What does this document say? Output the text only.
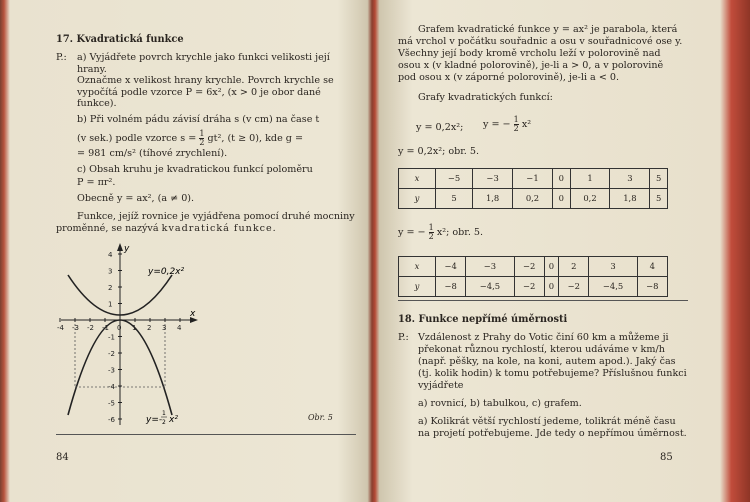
17. Kvadratická funkce
P.: a) Vyjádřete povrch krychle jako funkci velikosti její
hrany.
Označme x velikost hrany krychle. Povrch krychle se
vypočítá podle vzorce P = 6x², (x > 0 je obor dané
funkce).
b) Při volném pádu závisí dráha s (v cm) na čase t
(v sek.) podle vzorce $s = \frac{1}{2} gt^2$, (t ≥ 0), kde g =
= 981 cm/s² (tíhové zrychlení).
c) Obsah kruhu je kvadratickou funkcí poloměru
P = πr².
Obecně y = ax², (a ≠ 0).
Funkce, jejíž rovnice je vyjádřena pomocí druhé mocniny
proměnné, se nazývá kvadratická funkce.
-4 -3 -2 -1 0 1 2 3 4
4
3
2
1
-1
-2
-3
-4
-5
-6
y
x
y=0,2x²
y=-
1
2 x²	Obr. 5
84
Grafem kvadratické funkce y = ax² je parabola, která
má vrchol v počátku souřadnic a osu v souřadnicové ose y.
Všechny její body kromě vrcholu leží v polorovině nad
osou x (v kladné polorovině), je-li a > 0, a v polorovině
pod osou x (v záporné polorovině), je-li a < 0.
Grafy kvadratických funkcí:
y = 0,2x²; y = − $\frac{1}{2} x^2$
y = 0,2x²; obr. 5.
x	−5	−3	−1	0	1	3	5
y	5	1,8	0,2	0	0,2	1,8	5
y = − $\frac{1}{2} x^2$; obr. 5.
x	−4	−3	−2	0	2	3	4
y	−8	−4,5	−2	0	−2	−4,5	−8
18. Funkce nepřímé úměrnosti
P.: Vzdálenost z Prahy do Votic činí 60 km a můžeme ji
překonat různou rychlostí, kterou udáváme v km/h
(např. pěšky, na kole, na koni, autem apod.). Jaký čas
(tj. kolik hodin) k tomu potřebujeme? Příslušnou funkci
vyjádřete
a) rovnicí, b) tabulkou, c) grafem.
a) Kolikrát větší rychlostí jedeme, tolikrát méně času
na projetí potřebujeme. Jde tedy o nepřímou úměrnost.
85
